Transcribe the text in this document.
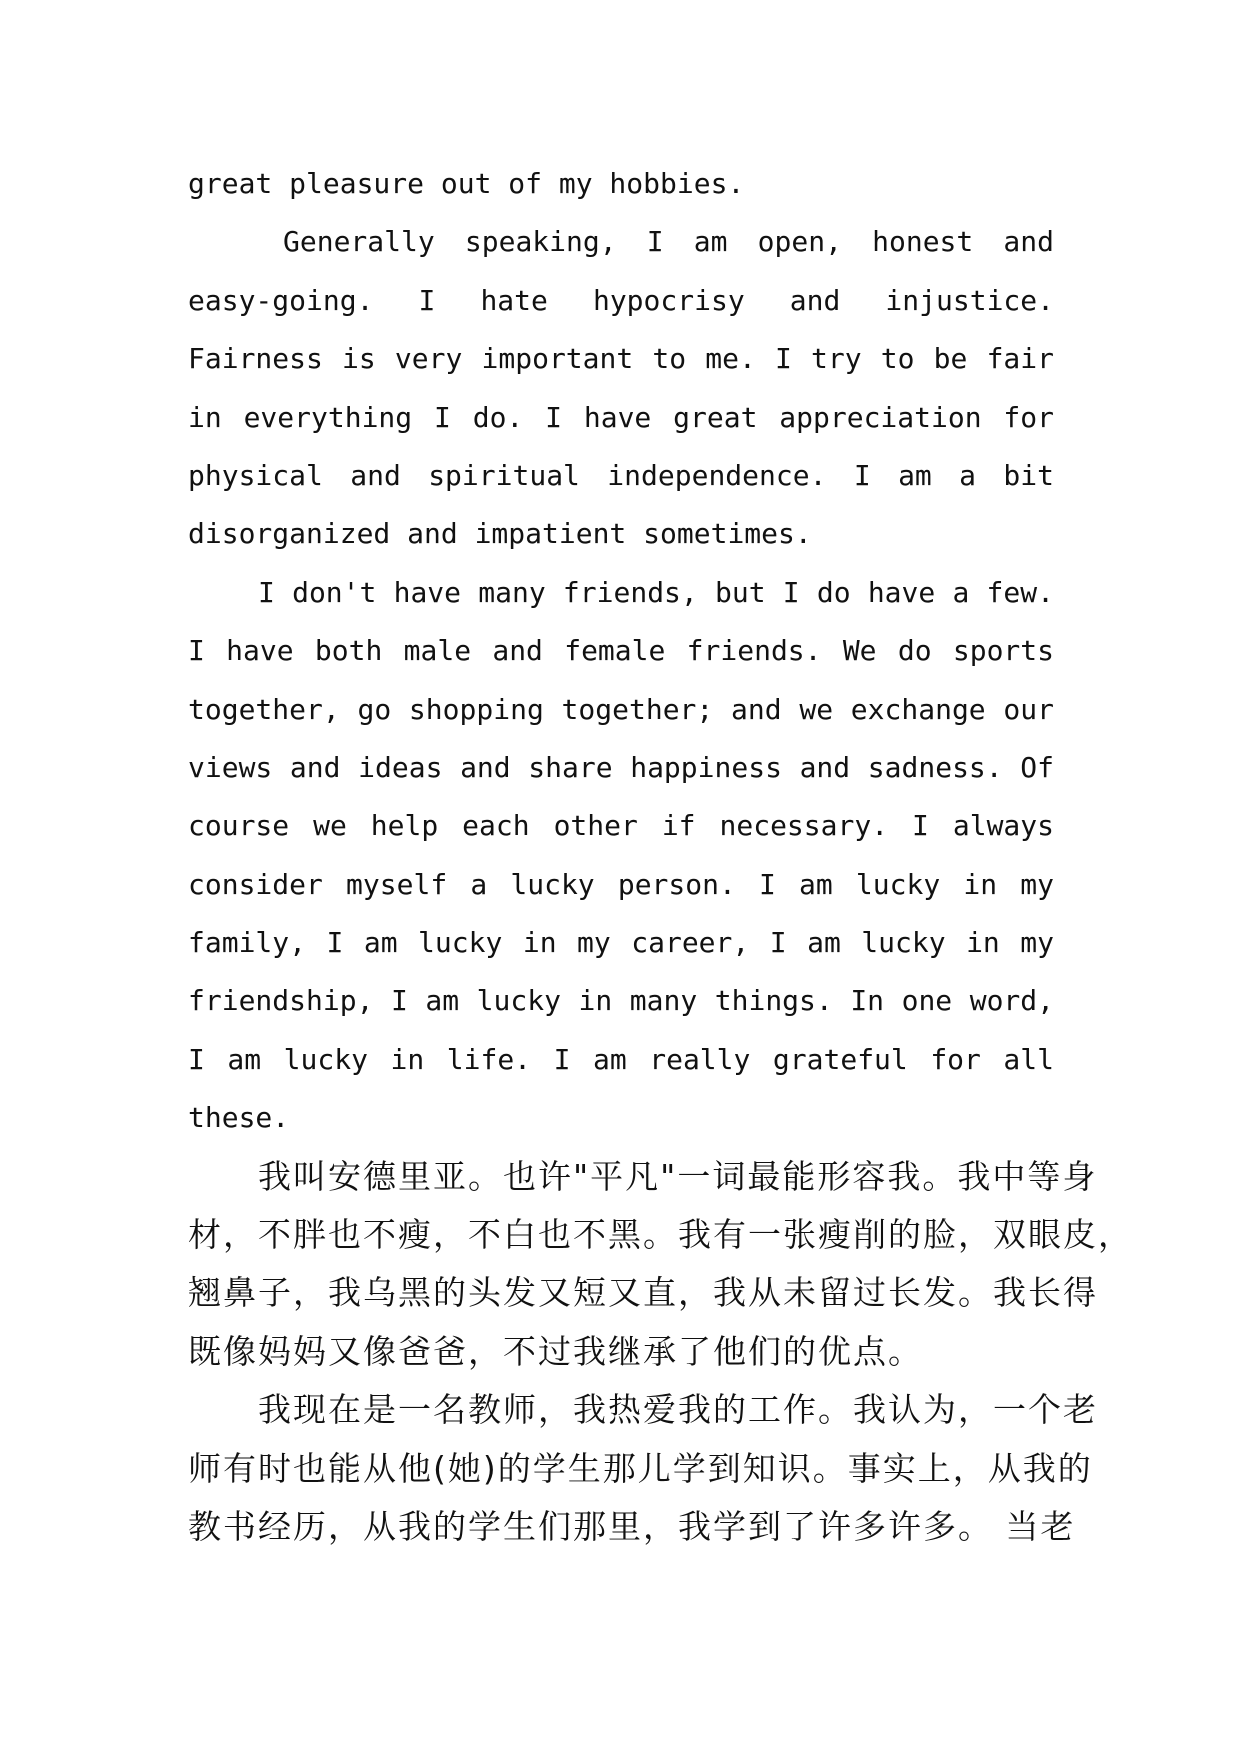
great pleasure out of my hobbies.
Generally speaking, I am open, honest and
easy-going. I hate hypocrisy and injustice.
Fairness is very important to me. I try to be fair
in everything I do. I have great appreciation for
physical and spiritual independence. I am a bit
disorganized and impatient sometimes.
I don't have many friends, but I do have a few.
I have both male and female friends. We do sports
together, go shopping together; and we exchange our
views and ideas and share happiness and sadness. Of
course we help each other if necessary. I always
consider myself a lucky person. I am lucky in my
family, I am lucky in my career, I am lucky in my
friendship, I am lucky in many things. In one word,
I am lucky in life. I am really grateful for all
these.
我叫安德里亚。也许"平凡"一词最能形容我。我中等身
材，不胖也不瘦，不白也不黑。我有一张瘦削的脸，双眼皮，
翘鼻子，我乌黑的头发又短又直，我从未留过长发。我长得
既像妈妈又像爸爸，不过我继承了他们的优点。
我现在是一名教师，我热爱我的工作。我认为，一个老
师有时也能从他(她)的学生那儿学到知识。事实上，从我的
教书经历，从我的学生们那里，我学到了许多许多。 当老
